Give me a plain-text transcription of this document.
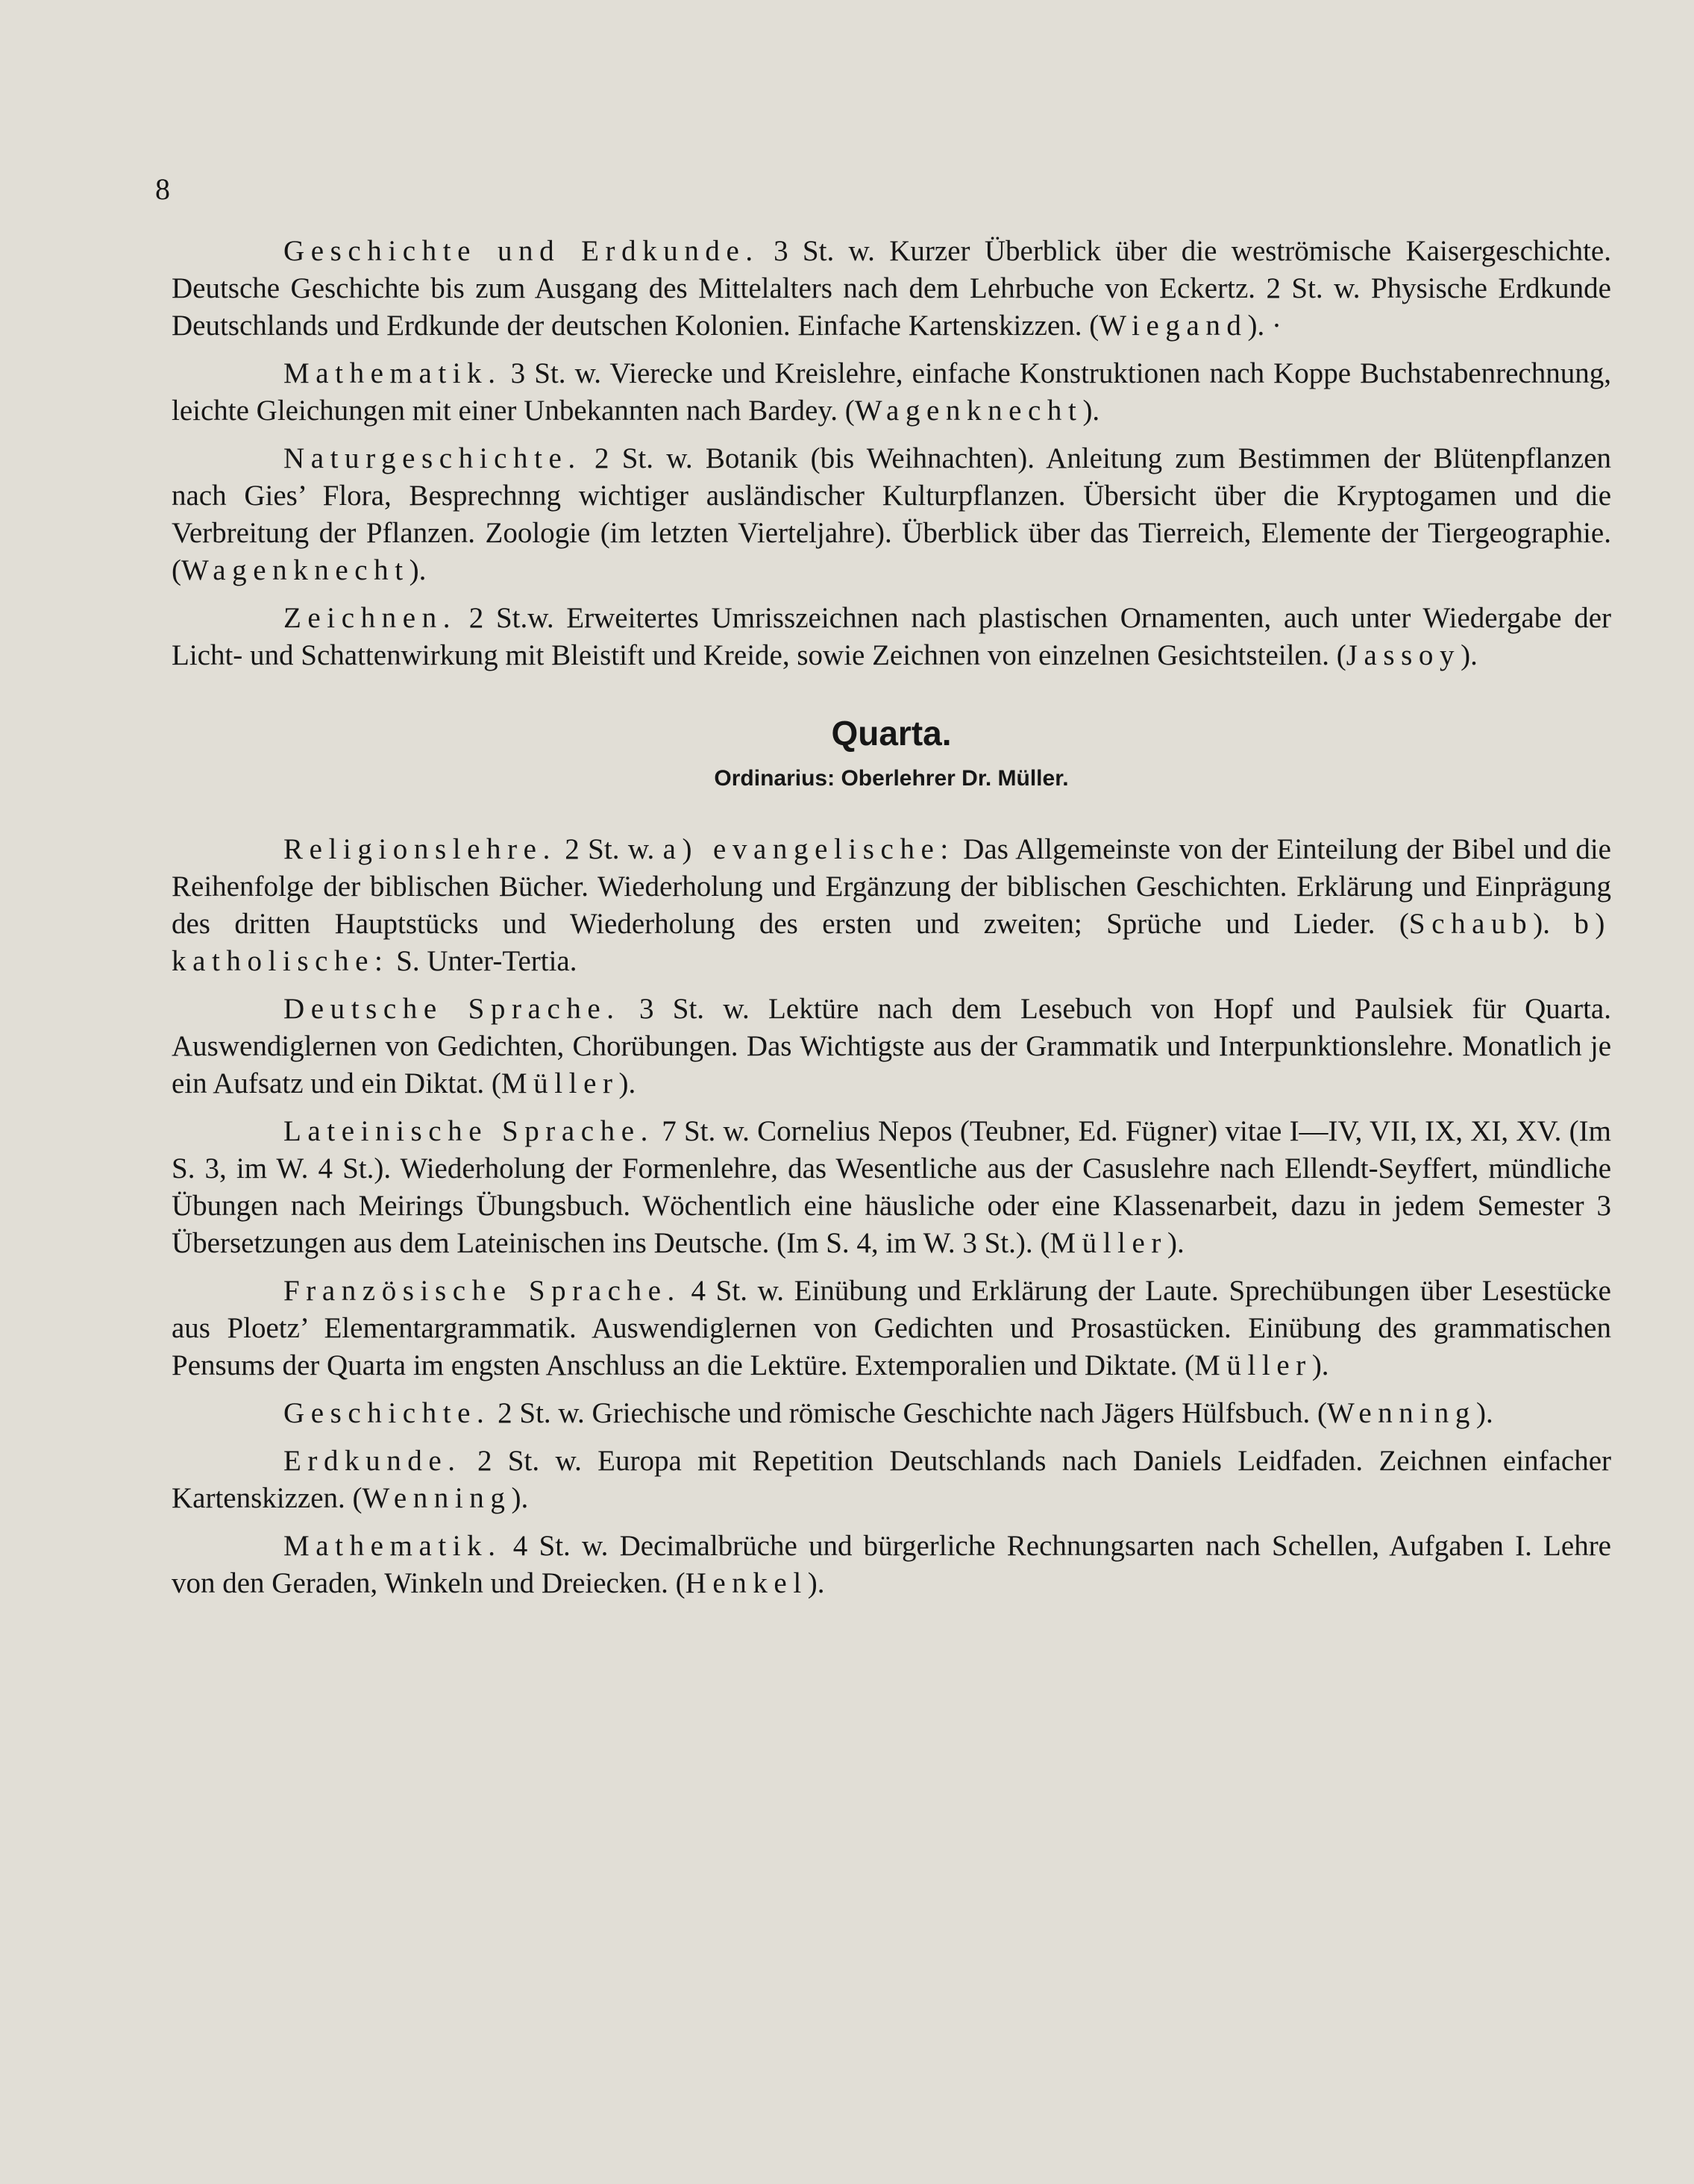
8

Geschichte und Erdkunde. 3 St. w. Kurzer Überblick über die weströmische Kaisergeschichte. Deutsche Geschichte bis zum Ausgang des Mittelalters nach dem Lehrbuche von Eckertz. 2 St. w. Physische Erdkunde Deutschlands und Erdkunde der deutschen Kolonien. Einfache Kartenskizzen. (Wiegand). ·

Mathematik. 3 St. w. Vierecke und Kreislehre, einfache Konstruktionen nach Koppe Buchstabenrechnung, leichte Gleichungen mit einer Unbekannten nach Bardey. (Wagenknecht).

Naturgeschichte. 2 St. w. Botanik (bis Weihnachten). Anleitung zum Bestimmen der Blütenpflanzen nach Gies’ Flora, Besprechnng wichtiger ausländischer Kulturpflanzen. Übersicht über die Kryptogamen und die Verbreitung der Pflanzen. Zoologie (im letzten Vierteljahre). Überblick über das Tierreich, Elemente der Tiergeographie. (Wagenknecht).

Zeichnen. 2 St.w. Erweitertes Umrisszeichnen nach plastischen Ornamenten, auch unter Wiedergabe der Licht- und Schattenwirkung mit Bleistift und Kreide, sowie Zeichnen von einzelnen Gesichtsteilen. (Jassoy).

Quarta.
Ordinarius: Oberlehrer Dr. Müller.

Religionslehre. 2 St. w. a) evangelische: Das Allgemeinste von der Einteilung der Bibel und die Reihenfolge der biblischen Bücher. Wiederholung und Ergänzung der biblischen Geschichten. Erklärung und Einprägung des dritten Hauptstücks und Wiederholung des ersten und zweiten; Sprüche und Lieder. (Schaub). b) katholische: S. Unter-Tertia.

Deutsche Sprache. 3 St. w. Lektüre nach dem Lesebuch von Hopf und Paulsiek für Quarta. Auswendiglernen von Gedichten, Chorübungen. Das Wichtigste aus der Grammatik und Interpunktionslehre. Monatlich je ein Aufsatz und ein Diktat. (Müller).

Lateinische Sprache. 7 St. w. Cornelius Nepos (Teubner, Ed. Fügner) vitae I—IV, VII, IX, XI, XV. (Im S. 3, im W. 4 St.). Wiederholung der Formenlehre, das Wesentliche aus der Casuslehre nach Ellendt-Seyffert, mündliche Übungen nach Meirings Übungsbuch. Wöchentlich eine häusliche oder eine Klassenarbeit, dazu in jedem Semester 3 Übersetzungen aus dem Lateinischen ins Deutsche. (Im S. 4, im W. 3 St.). (Müller).

Französische Sprache. 4 St. w. Einübung und Erklärung der Laute. Sprechübungen über Lesestücke aus Ploetz’ Elementargrammatik. Auswendiglernen von Gedichten und Prosastücken. Einübung des grammatischen Pensums der Quarta im engsten Anschluss an die Lektüre. Extemporalien und Diktate. (Müller).

Geschichte. 2 St. w. Griechische und römische Geschichte nach Jägers Hülfsbuch. (Wenning).

Erdkunde. 2 St. w. Europa mit Repetition Deutschlands nach Daniels Leidfaden. Zeichnen einfacher Kartenskizzen. (Wenning).

Mathematik. 4 St. w. Decimalbrüche und bürgerliche Rechnungsarten nach Schellen, Aufgaben I. Lehre von den Geraden, Winkeln und Dreiecken. (Henkel).
